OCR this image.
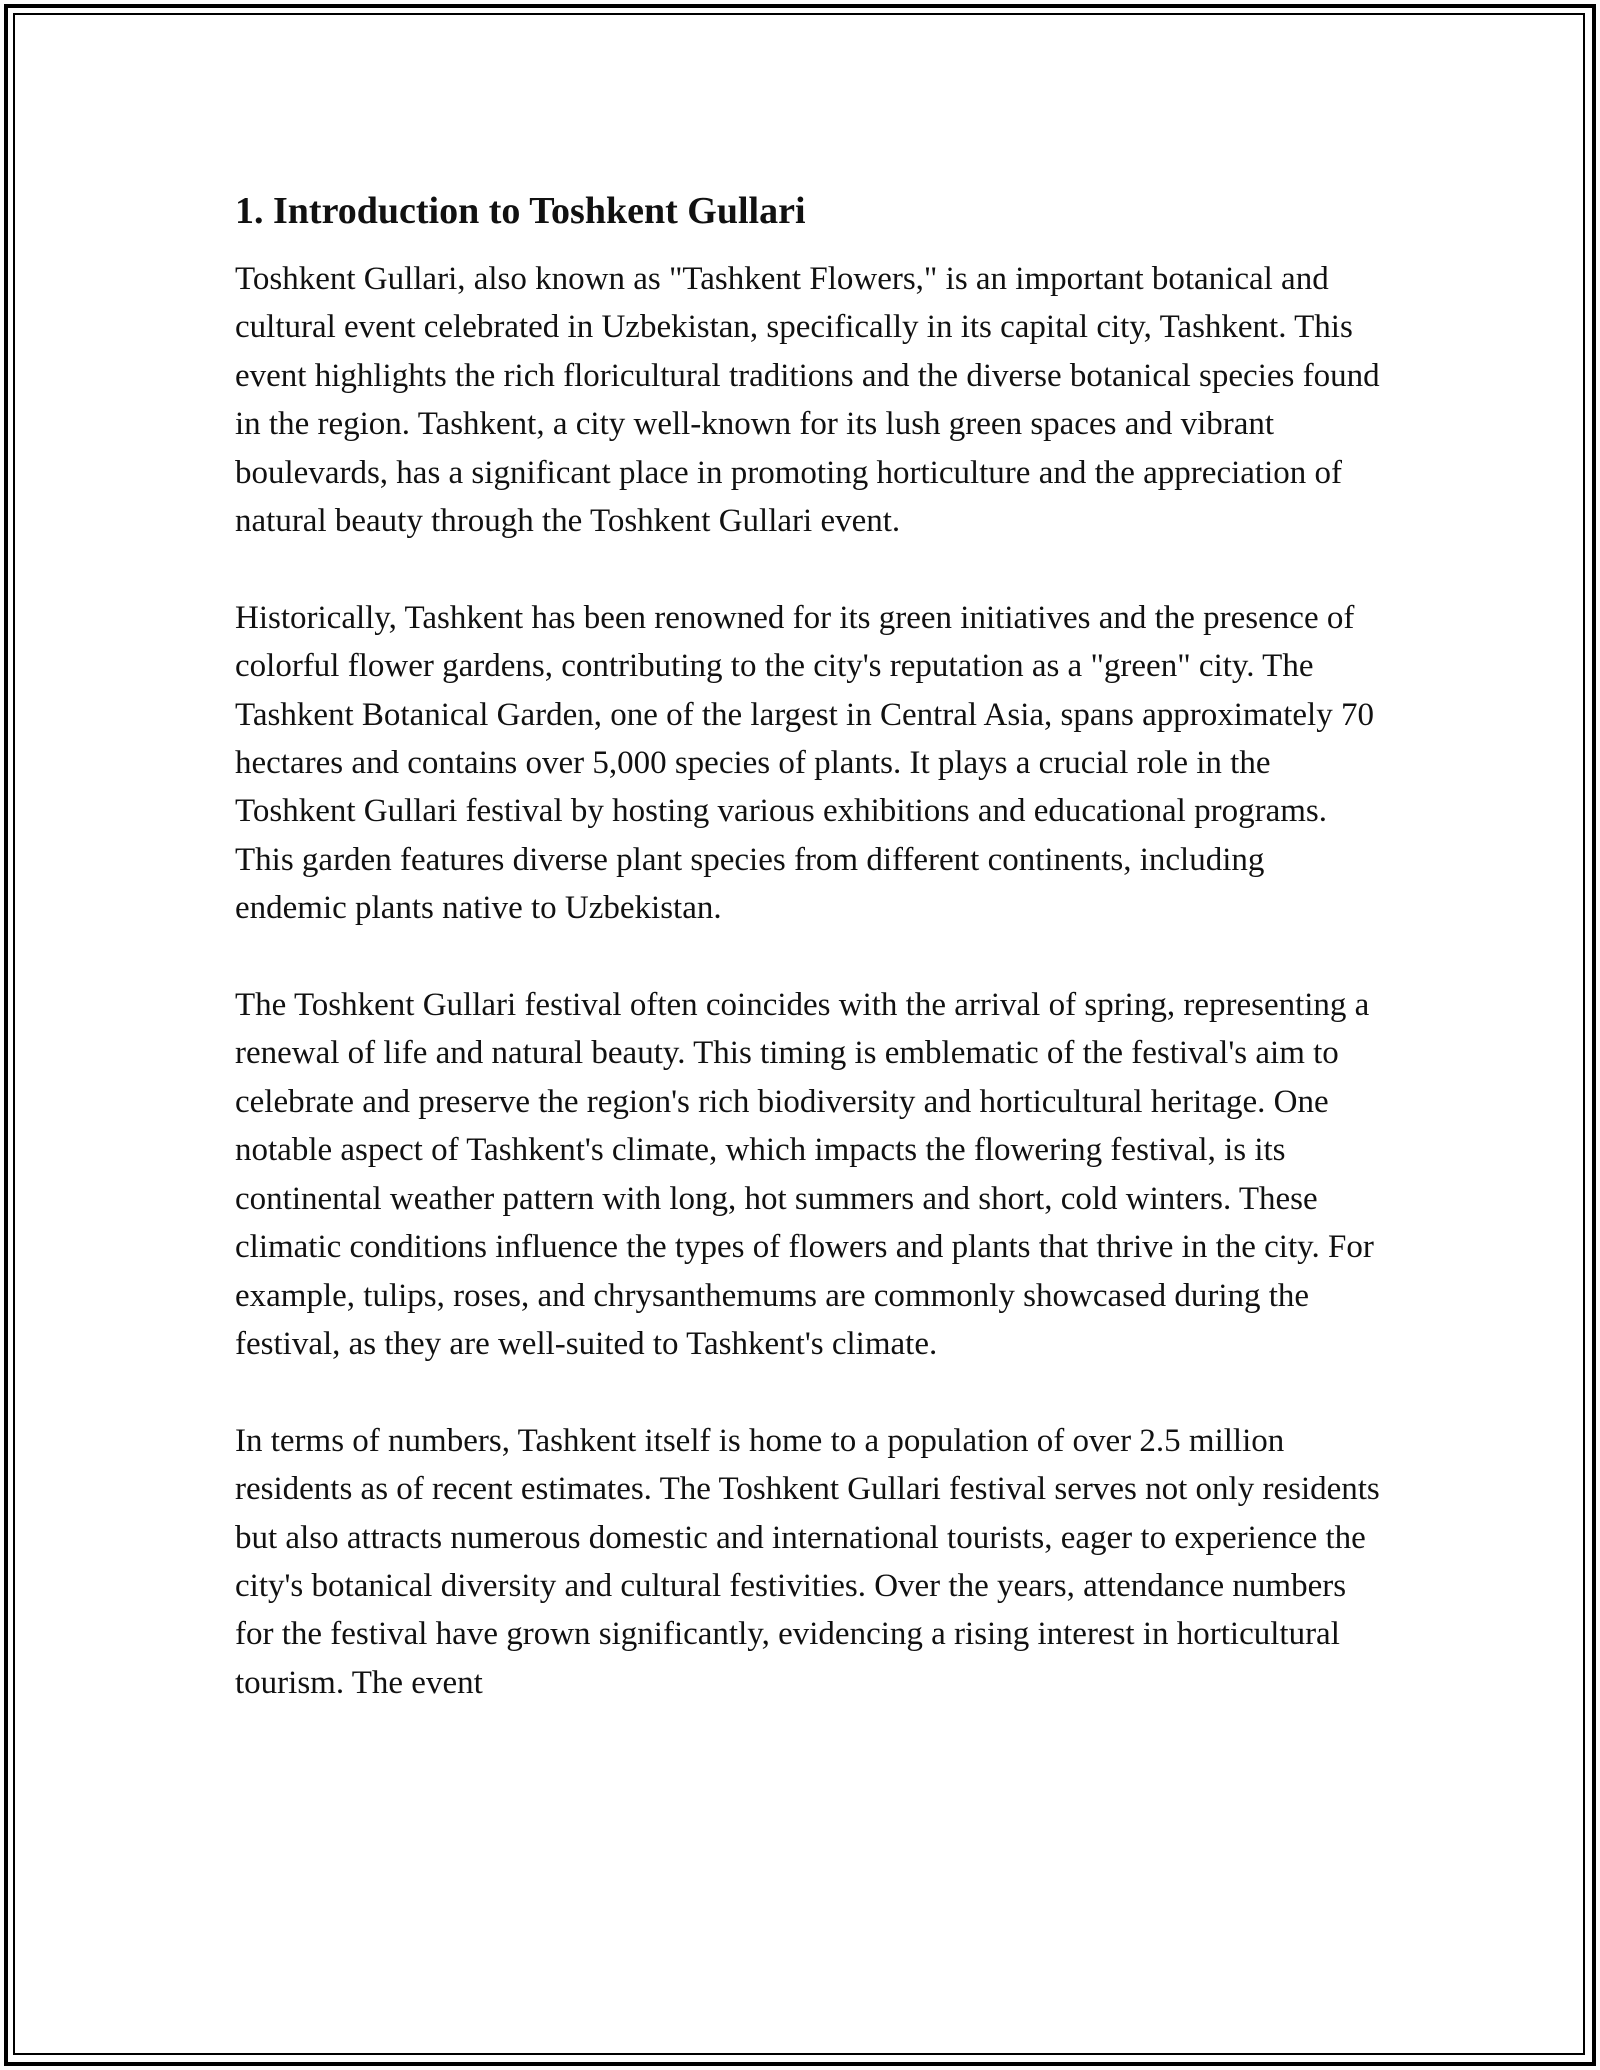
1. Introduction to Toshkent Gullari

Toshkent Gullari, also known as "Tashkent Flowers," is an important botanical and cultural event celebrated in Uzbekistan, specifically in its capital city, Tashkent. This event highlights the rich floricultural traditions and the diverse botanical species found in the region. Tashkent, a city well-known for its lush green spaces and vibrant boulevards, has a significant place in promoting horticulture and the appreciation of natural beauty through the Toshkent Gullari event.

Historically, Tashkent has been renowned for its green initiatives and the presence of colorful flower gardens, contributing to the city's reputation as a "green" city. The Tashkent Botanical Garden, one of the largest in Central Asia, spans approximately 70 hectares and contains over 5,000 species of plants. It plays a crucial role in the Toshkent Gullari festival by hosting various exhibitions and educational programs. This garden features diverse plant species from different continents, including endemic plants native to Uzbekistan.

The Toshkent Gullari festival often coincides with the arrival of spring, representing a renewal of life and natural beauty. This timing is emblematic of the festival's aim to celebrate and preserve the region's rich biodiversity and horticultural heritage. One notable aspect of Tashkent's climate, which impacts the flowering festival, is its continental weather pattern with long, hot summers and short, cold winters. These climatic conditions influence the types of flowers and plants that thrive in the city. For example, tulips, roses, and chrysanthemums are commonly showcased during the festival, as they are well-suited to Tashkent's climate.

In terms of numbers, Tashkent itself is home to a population of over 2.5 million residents as of recent estimates. The Toshkent Gullari festival serves not only residents but also attracts numerous domestic and international tourists, eager to experience the city's botanical diversity and cultural festivities. Over the years, attendance numbers for the festival have grown significantly, evidencing a rising interest in horticultural tourism. The event
